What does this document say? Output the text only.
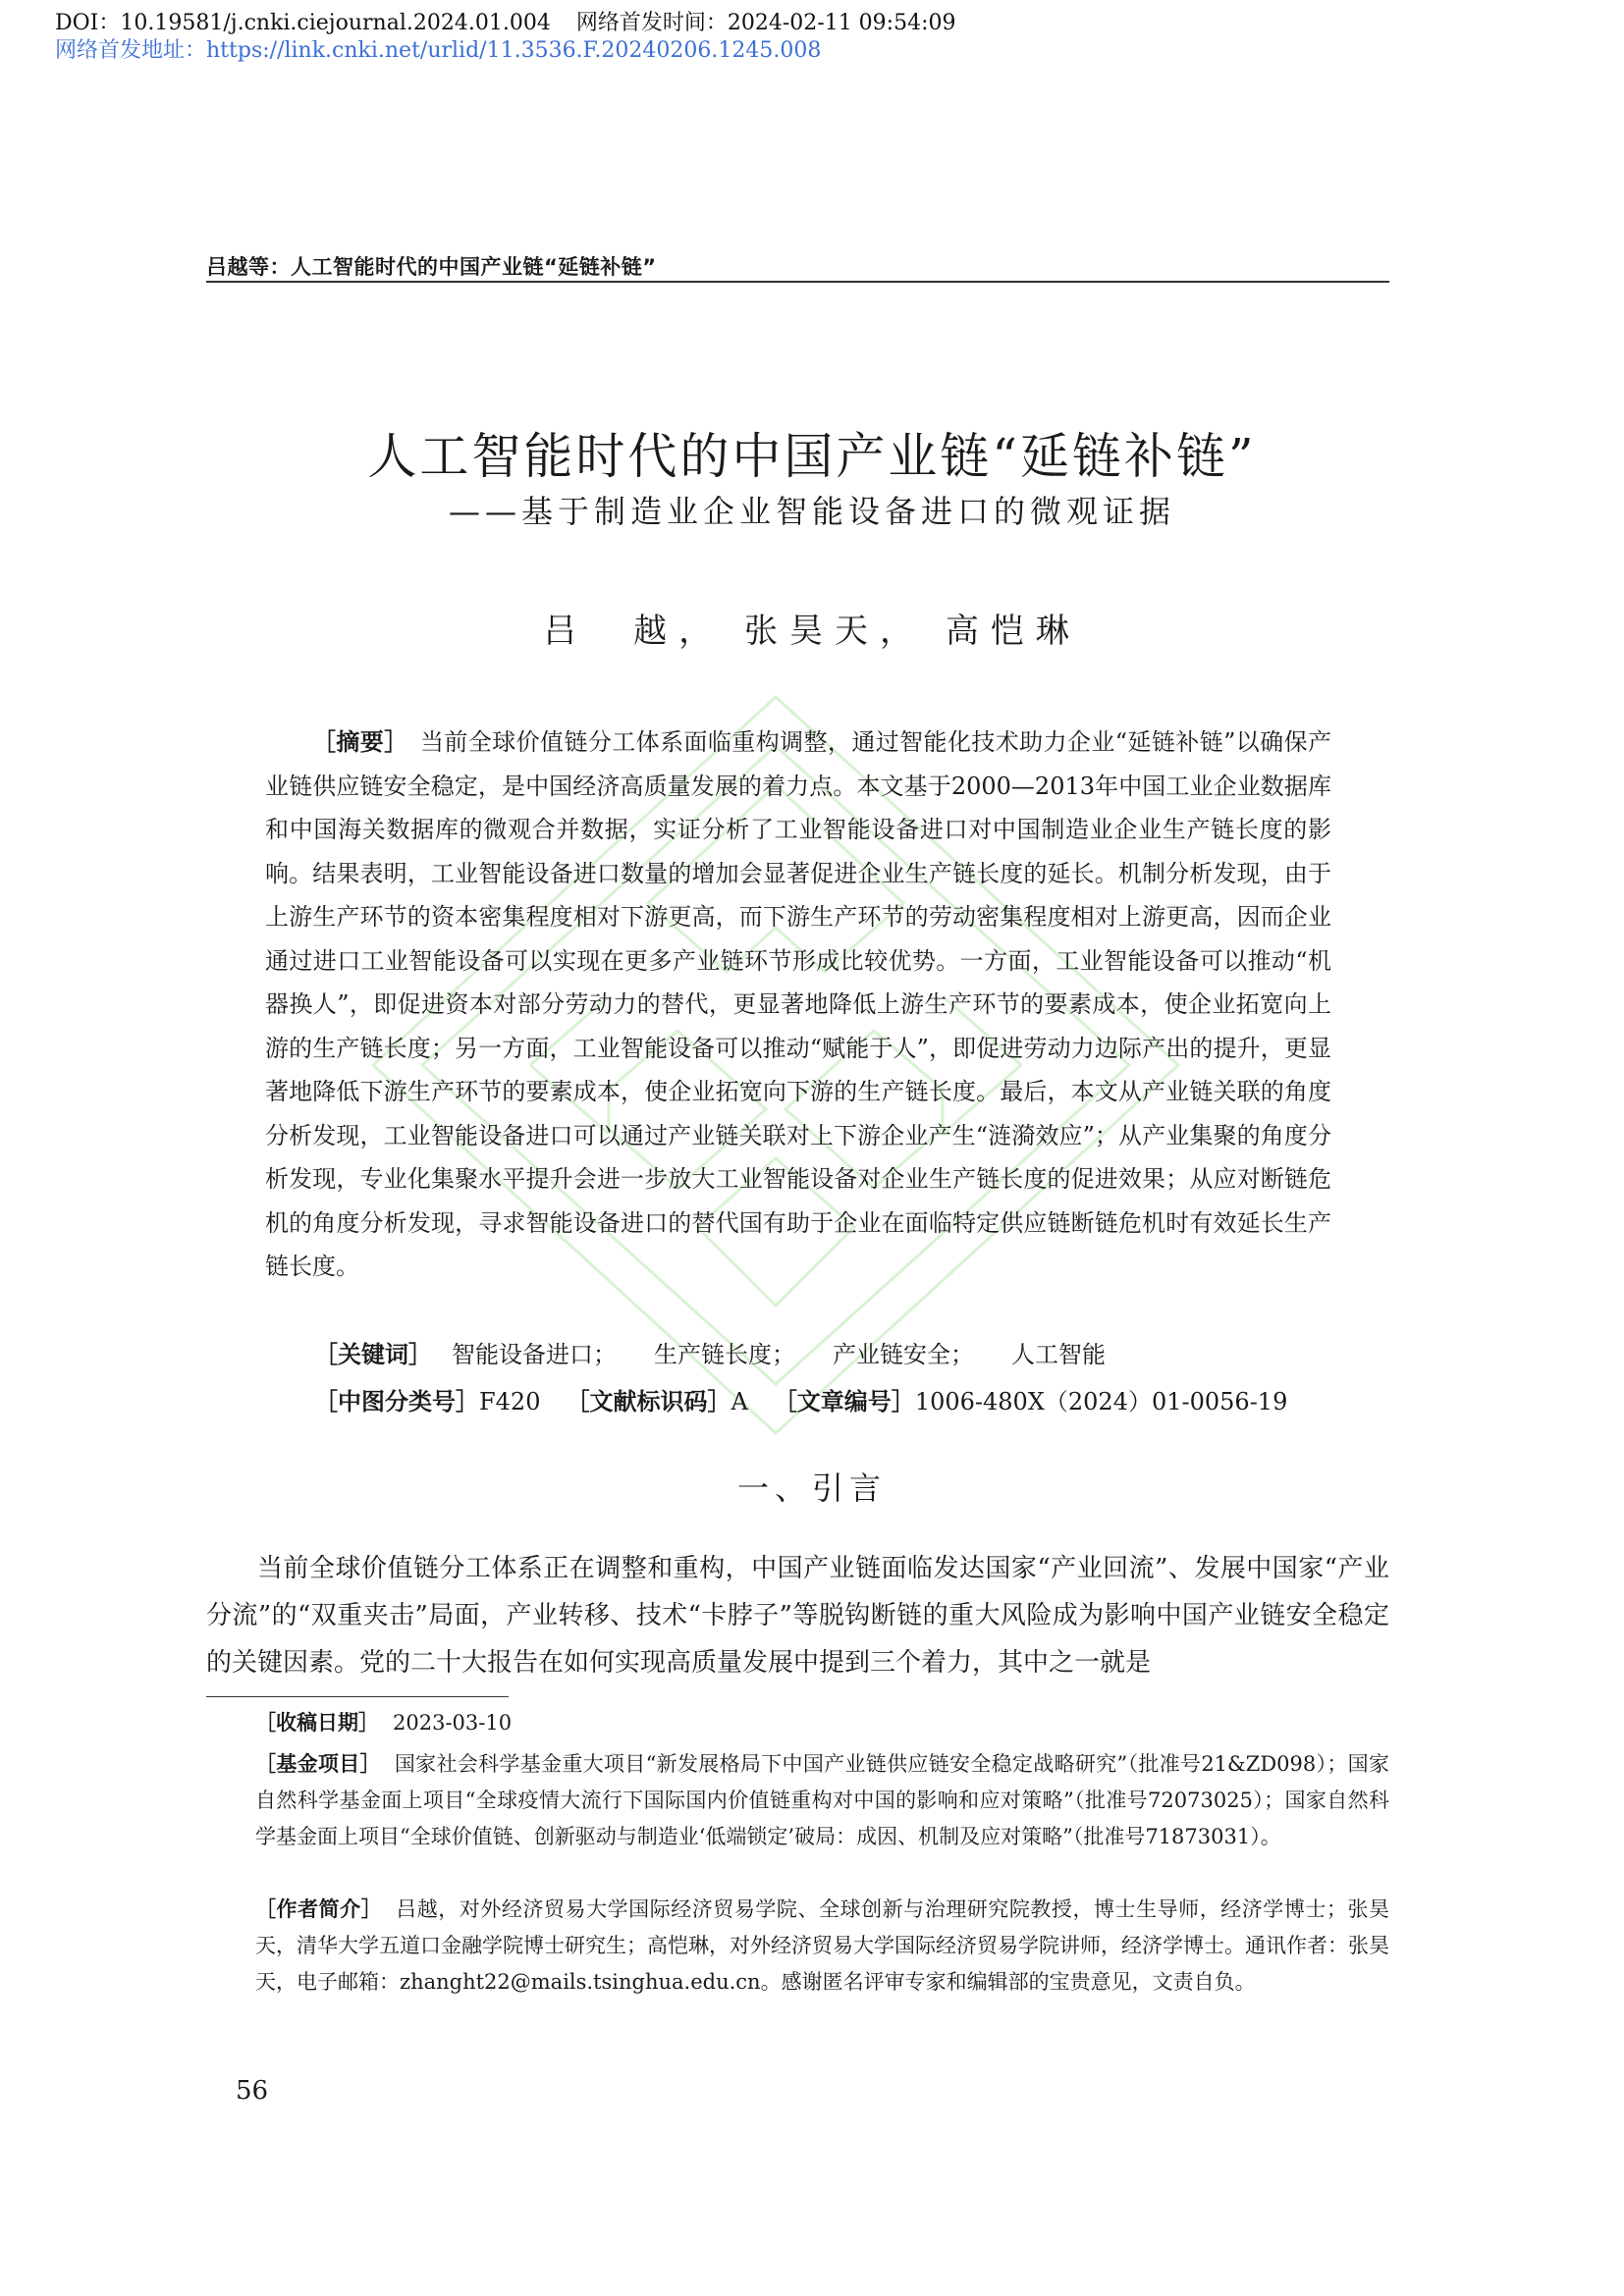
DOI：10.19581/j.cnki.ciejournal.2024.01.004 网络首发时间：2024-02-11 09:54:09
网络首发地址：https://link.cnki.net/urlid/11.3536.F.20240206.1245.008
吕越等：人工智能时代的中国产业链“延链补链”
人工智能时代的中国产业链“延链补链”
——基于制造业企业智能设备进口的微观证据
吕　越， 张昊天， 高恺琳
［摘要］　 当前全球价值链分工体系面临重构调整，通过智能化技术助力企业“延链补链”以确保产业链供应链安全稳定，是中国经济高质量发展的着力点。本文基于2000—2013年中国工业企业数据库和中国海关数据库的微观合并数据，实证分析了工业智能设备进口对中国制造业企业生产链长度的影响。结果表明，工业智能设备进口数量的增加会显著促进企业生产链长度的延长。机制分析发现，由于上游生产环节的资本密集程度相对下游更高，而下游生产环节的劳动密集程度相对上游更高，因而企业通过进口工业智能设备可以实现在更多产业链环节形成比较优势。一方面，工业智能设备可以推动“机器换人”，即促进资本对部分劳动力的替代，更显著地降低上游生产环节的要素成本，使企业拓宽向上游的生产链长度；另一方面，工业智能设备可以推动“赋能于人”，即促进劳动力边际产出的提升，更显著地降低下游生产环节的要素成本，使企业拓宽向下游的生产链长度。最后，本文从产业链关联的角度分析发现，工业智能设备进口可以通过产业链关联对上下游企业产生“涟漪效应”；从产业集聚的角度分析发现，专业化集聚水平提升会进一步放大工业智能设备对企业生产链长度的促进效果；从应对断链危机的角度分析发现，寻求智能设备进口的替代国有助于企业在面临特定供应链断链危机时有效延长生产链长度。
［关键词］ 智能设备进口； 生产链长度； 产业链安全； 人工智能
［中图分类号］F420 ［文献标识码］A ［文章编号］1006-480X（2024）01-0056-19
一、引言
当前全球价值链分工体系正在调整和重构，中国产业链面临发达国家“产业回流”、发展中国家“产业分流”的“双重夹击”局面，产业转移、技术“卡脖子”等脱钩断链的重大风险成为影响中国产业链安全稳定的关键因素。党的二十大报告在如何实现高质量发展中提到三个着力，其中之一就是
［收稿日期］ 2023-03-10
［基金项目］ 国家社会科学基金重大项目“新发展格局下中国产业链供应链安全稳定战略研究”（批准号21&ZD098）；国家自然科学基金面上项目“全球疫情大流行下国际国内价值链重构对中国的影响和应对策略”（批准号72073025）；国家自然科学基金面上项目“全球价值链、创新驱动与制造业‘低端锁定’破局：成因、机制及应对策略”（批准号71873031）。
［作者简介］ 吕越，对外经济贸易大学国际经济贸易学院、全球创新与治理研究院教授，博士生导师，经济学博士；张昊天，清华大学五道口金融学院博士研究生；高恺琳，对外经济贸易大学国际经济贸易学院讲师，经济学博士。通讯作者：张昊天，电子邮箱：zhanght22@mails.tsinghua.edu.cn。感谢匿名评审专家和编辑部的宝贵意见，文责自负。
56
